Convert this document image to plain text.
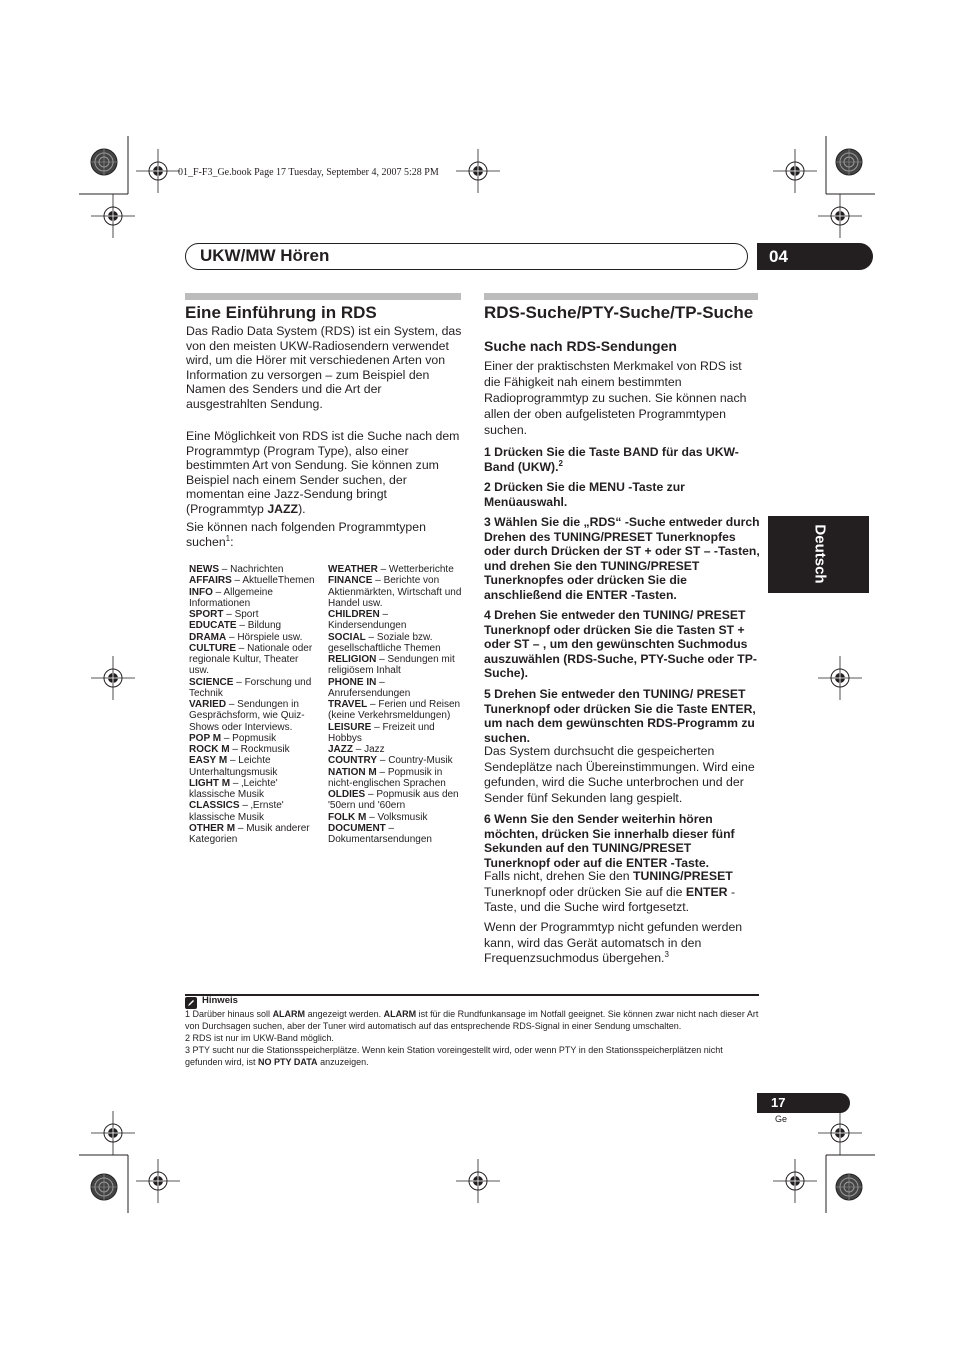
01_F-F3_Ge.book Page 17 Tuesday, September 4, 2007 5:28 PM
UKW/MW Hören	04
Deutsch
Eine Einführung in RDS
Das Radio Data System (RDS) ist ein System, das von den meisten UKW-Radiosendern verwendet wird, um die Hörer mit verschiedenen Arten von Information zu versorgen – zum Beispiel den Namen des Senders und die Art der ausgestrahlten Sendung.
Eine Möglichkeit von RDS ist die Suche nach dem Programmtyp (Program Type), also einer bestimmten Art von Sendung. Sie können zum Beispiel nach einem Sender suchen, der momentan eine Jazz-Sendung bringt (Programmtyp JAZZ).
Sie können nach folgenden Programmtypen suchen$^1$:
NEWS – Nachrichten
AFFAIRS – AktuelleThemen
INFO – Allgemeine Informationen
SPORT – Sport
EDUCATE – Bildung
DRAMA – Hörspiele usw.
CULTURE – Nationale oder regionale Kultur, Theater usw.
SCIENCE – Forschung und Technik
VARIED – Sendungen in Gesprächsform, wie Quiz-Shows oder Interviews.
POP M – Popmusik
ROCK M – Rockmusik
EASY M – Leichte Unterhaltungsmusik
LIGHT M – ‚Leichte' klassische Musik
CLASSICS – ‚Ernste' klassische Musik
OTHER M – Musik anderer Kategorien
WEATHER – Wetterberichte
FINANCE – Berichte von Aktienmärkten, Wirtschaft und Handel usw.
CHILDREN – Kindersendungen
SOCIAL – Soziale bzw. gesellschaftliche Themen
RELIGION – Sendungen mit religiösem Inhalt
PHONE IN – Anrufersendungen
TRAVEL – Ferien und Reisen (keine Verkehrsmeldungen)
LEISURE – Freizeit und Hobbys
JAZZ – Jazz
COUNTRY – Country-Musik
NATION M – Popmusik in nicht-englischen Sprachen
OLDIES – Popmusik aus den '50ern und '60ern
FOLK M – Volksmusik
DOCUMENT – Dokumentarsendungen
RDS-Suche/PTY-Suche/TP-Suche
Suche nach RDS-Sendungen
Einer der praktischsten Merkmakel von RDS ist die Fähigkeit nah einem bestimmten Radioprogrammtyp zu suchen. Sie können nach allen der oben aufgelisteten Programmtypen suchen.
1 Drücken Sie die Taste BAND für das UKW-Band (UKW).$^2$
2 Drücken Sie die MENU -Taste zur Menüauswahl.
3 Wählen Sie die „RDS“ -Suche entweder durch Drehen des TUNING/PRESET Tunerknopfes oder durch Drücken der ST + oder ST – -Tasten, und drehen Sie den TUNING/PRESET Tunerknopfes oder drücken Sie die anschließend die ENTER -Tasten.
4 Drehen Sie entweder den TUNING/ PRESET Tunerknopf oder drücken Sie die Tasten ST + oder ST – , um den gewünschten Suchmodus auszuwählen (RDS-Suche, PTY-Suche oder TP-Suche).
5 Drehen Sie entweder den TUNING/ PRESET Tunerknopf oder drücken Sie die Taste ENTER, um nach dem gewünschten RDS-Programm zu suchen.
Das System durchsucht die gespeicherten Sendeplätze nach Übereinstimmungen. Wird eine gefunden, wird die Suche unterbrochen und der Sender fünf Sekunden lang gespielt.
6 Wenn Sie den Sender weiterhin hören möchten, drücken Sie innerhalb dieser fünf Sekunden auf den TUNING/PRESET Tunerknopf oder auf die ENTER -Taste.
Falls nicht, drehen Sie den TUNING/PRESET Tunerknopf oder drücken Sie auf die ENTER -Taste, und die Suche wird fortgesetzt.
Wenn der Programmtyp nicht gefunden werden kann, wird das Gerät automatsch in den Frequenzsuchmodus übergehen.$^3$
Hinweis
1 Darüber hinaus soll ALARM angezeigt werden. ALARM ist für die Rundfunkansage im Notfall geeignet. Sie können zwar nicht nach dieser Art von Durchsagen suchen, aber der Tuner wird automatisch auf das entsprechende RDS-Signal in einer Sendung umschalten.
2 RDS ist nur im UKW-Band möglich.
3 PTY sucht nur die Stationsspeicherplätze. Wenn kein Station voreingestellt wird, oder wenn PTY in den Stationsspeicherplätzen nicht gefunden wird, ist NO PTY DATA anzuzeigen.
17
Ge
